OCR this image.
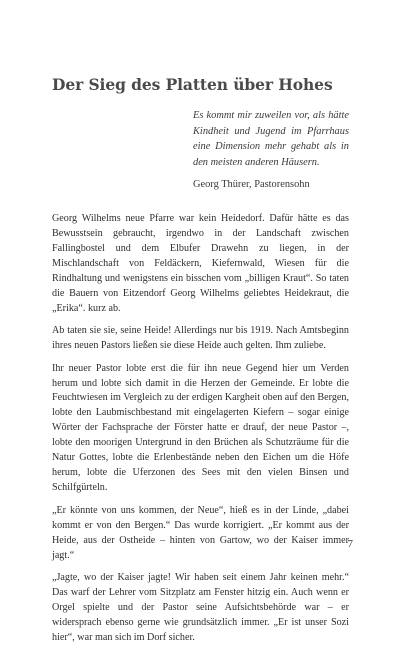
Der Sieg des Platten über Hohes

Es kommt mir zuweilen vor, als hätte Kindheit und Jugend im Pfarrhaus eine Dimension mehr gehabt als in den meisten anderen Häusern.

Georg Thürer, Pastorensohn

Georg Wilhelms neue Pfarre war kein Heidedorf. Dafür hätte es das Bewusstsein gebraucht, irgendwo in der Landschaft zwischen Fallingbostel und dem Elbufer Drawehn zu liegen, in der Mischlandschaft von Feldäckern, Kiefernwald, Wiesen für die Rindhaltung und wenigstens ein bisschen vom „billigen Kraut“. So taten die Bauern von Eitzendorf Georg Wilhelms geliebtes Heidekraut, die „Erika“. kurz ab.

Ab taten sie sie, seine Heide! Allerdings nur bis 1919. Nach Amtsbeginn ihres neuen Pastors ließen sie diese Heide auch gelten. Ihm zuliebe.

Ihr neuer Pastor lobte erst die für ihn neue Gegend hier um Verden herum und lobte sich damit in die Herzen der Gemeinde. Er lobte die Feuchtwiesen im Vergleich zu der erdigen Kargheit oben auf den Bergen, lobte den Laubmischbestand mit eingelagerten Kiefern – sogar einige Wörter der Fachsprache der Förster hatte er drauf, der neue Pastor –, lobte den moorigen Untergrund in den Brüchen als Schutzräume für die Natur Gottes, lobte die Erlenbestände neben den Eichen um die Höfe herum, lobte die Uferzonen des Sees mit den vielen Binsen und Schilfgürteln.

„Er könnte von uns kommen, der Neue“, hieß es in der Linde, „dabei kommt er von den Bergen.“ Das wurde korrigiert. „Er kommt aus der Heide, aus der Ostheide – hinten von Gartow, wo der Kaiser immer jagt.“

„Jagte, wo der Kaiser jagte! Wir haben seit einem Jahr keinen mehr.“ Das warf der Lehrer vom Sitzplatz am Fenster hitzig ein. Auch wenn er Orgel spielte und der Pastor seine Aufsichtsbehörde war – er widersprach ebenso gerne wie grundsätzlich immer. „Er ist unser Sozi hier“, war man sich im Dorf sicher.

7
